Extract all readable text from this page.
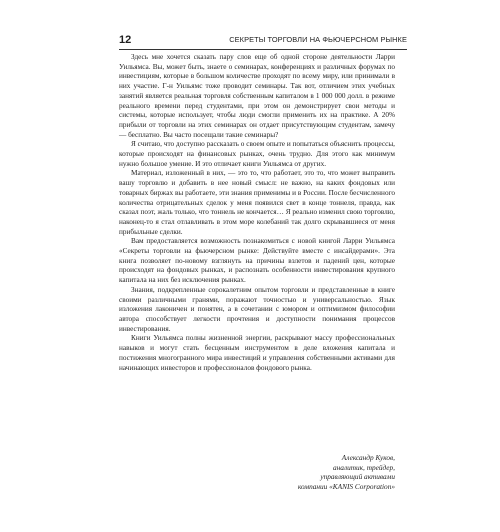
12	СЕКРЕТЫ ТОРГОВЛИ НА ФЬЮЧЕРСНОМ РЫНКЕ

Здесь мне хочется сказать пару слов еще об одной стороне деятельности Ларри Уильямса. Вы, может быть, знаете о семинарах, конференциях и различных форумах по инвестициям, которые в большом количестве проходят по всему миру, или принимали в них участие. Г-н Уильямс тоже проводит семинары. Так вот, отличием этих учебных занятий является реальная торговля собственным капиталом в 1 000 000 долл. в режиме реального времени перед студентами, при этом он демонстрирует свои методы и системы, которые использует, чтобы люди смогли применить их на практике. А 20% прибыли от торговли на этих семинарах он отдает присутствующим студентам, замечу — бесплатно. Вы часто посещали такие семинары?

Я считаю, что доступно рассказать о своем опыте и попытаться объяснить процессы, которые происходят на финансовых рынках, очень трудно. Для этого как минимум нужно большое умение. И это отличает книги Уильямса от других.

Материал, изложенный в них, — это то, что работает, это то, что может выправить вашу торговлю и добавить в нее новый смысл: не важно, на каких фондовых или товарных биржах вы работаете, эти знания применимы и в России. После бесчисленного количества отрицательных сделок у меня появился свет в конце тоннеля, правда, как сказал поэт, жаль только, что тоннель не кончается… Я реально изменил свою торговлю, наконец-то я стал отлавливать в этом море колебаний так долго скрывавшиеся от меня прибыльные сделки.

Вам предоставляется возможность познакомиться с новой книгой Ларри Уильямса «Секреты торговли на фьючерсном рынке: Действуйте вместе с инсайдерами». Эта книга позволяет по-новому взглянуть на причины взлетов и падений цен, которые происходят на фондовых рынках, и распознать особенности инвестирования крупного капитала на них без исключения рынках.

Знания, подкрепленные сорокалетним опытом торговли и представленные в книге своими различными гранями, поражают точностью и универсальностью. Язык изложения лаконичен и понятен, а в сочетании с юмором и оптимизмом философии автора способствует легкости прочтения и доступности понимания процессов инвестирования.

Книги Уильямса полны жизненной энергии, раскрывают массу профессиональных навыков и могут стать бесценным инструментом в деле вложения капитала и постижения многогранного мира инвестиций и управления собственными активами для начинающих инвесторов и профессионалов фондового рынка.

Александр Куков,
аналитик, трейдер,
управляющий активами
компании «KANIS Corporation»
